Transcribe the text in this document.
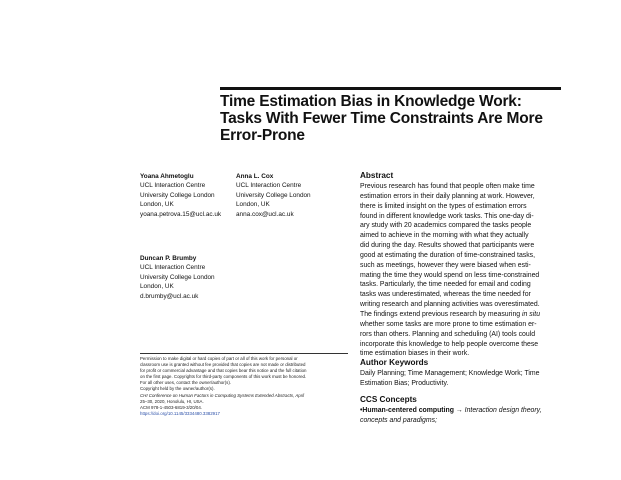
Time Estimation Bias in Knowledge Work: Tasks With Fewer Time Constraints Are More Error-Prone
Yoana Ahmetoglu
UCL Interaction Centre
University College London
London, UK
yoana.petrova.15@ucl.ac.uk
Anna L. Cox
UCL Interaction Centre
University College London
London, UK
anna.cox@ucl.ac.uk
Duncan P. Brumby
UCL Interaction Centre
University College London
London, UK
d.brumby@ucl.ac.uk
Abstract
Previous research has found that people often make time
estimation errors in their daily planning at work. However,
there is limited insight on the types of estimation errors
found in different knowledge work tasks. This one-day di-
ary study with 20 academics compared the tasks people
aimed to achieve in the morning with what they actually
did during the day. Results showed that participants were
good at estimating the duration of time-constrained tasks,
such as meetings, however they were biased when esti-
mating the time they would spend on less time-constrained
tasks. Particularly, the time needed for email and coding
tasks was underestimated, whereas the time needed for
writing research and planning activities was overestimated.
The findings extend previous research by measuring in situ
whether some tasks are more prone to time estimation er-
rors than others. Planning and scheduling (AI) tools could
incorporate this knowledge to help people overcome these
time estimation biases in their work.
Author Keywords
Daily Planning; Time Management; Knowledge Work; Time
Estimation Bias; Productivity.
CCS Concepts
•Human-centered computing → Interaction design theory,
concepts and paradigms;
Permission to make digital or hard copies of part or all of this work for personal or
classroom use is granted without fee provided that copies are not made or distributed
for profit or commercial advantage and that copies bear this notice and the full citation
on the first page. Copyrights for third-party components of this work must be honored.
For all other uses, contact the owner/author(s).
Copyright held by the owner/author(s).
CHI Conference on Human Factors in Computing Systems Extended Abstracts, April
25–30, 2020, Honolulu, HI, USA.
ACM 978-1-4503-6819-3/20/04.
https://doi.org/10.1145/3334480.3382917
